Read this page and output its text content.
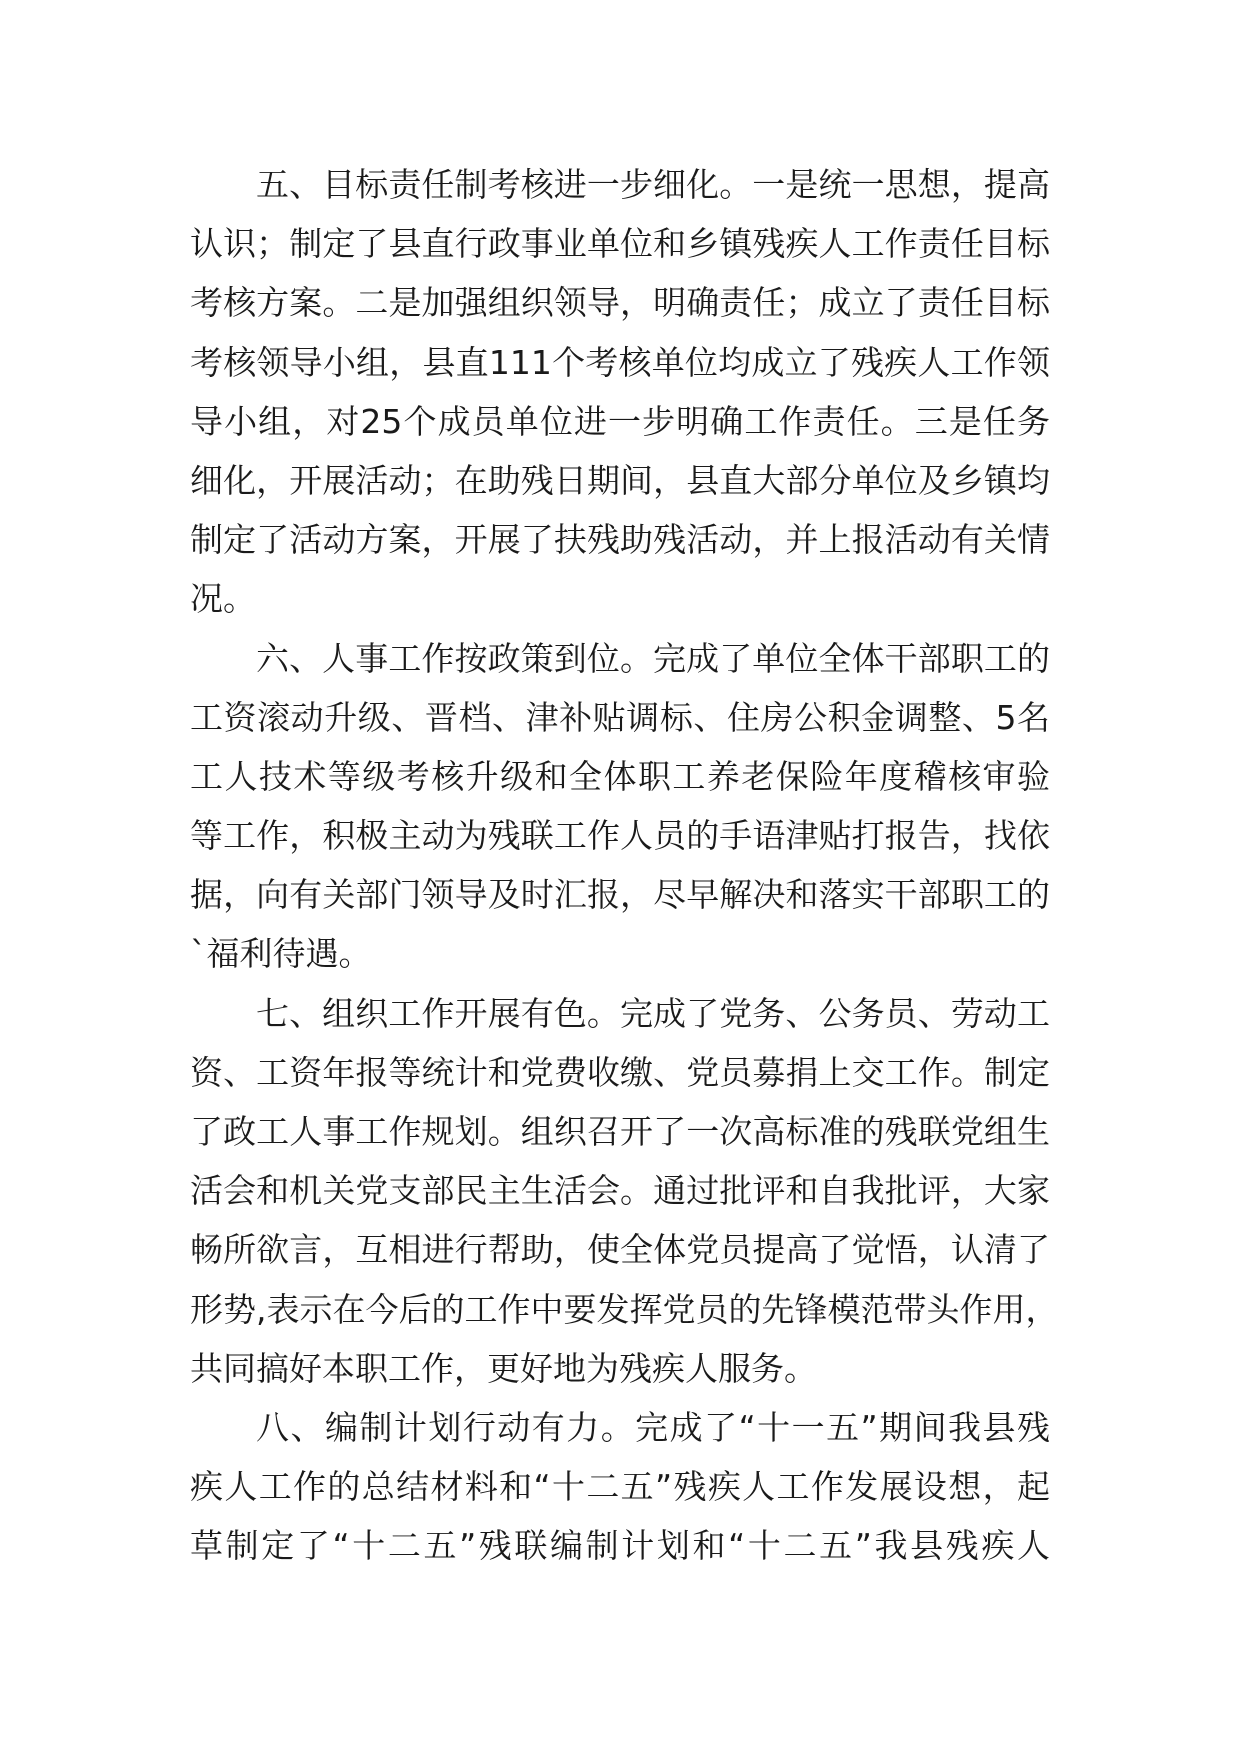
五、目标责任制考核进一步细化。一是统一思想，提高
认识；制定了县直行政事业单位和乡镇残疾人工作责任目标
考核方案。二是加强组织领导，明确责任；成立了责任目标
考核领导小组，县直111个考核单位均成立了残疾人工作领
导小组，对25个成员单位进一步明确工作责任。三是任务
细化，开展活动；在助残日期间，县直大部分单位及乡镇均
制定了活动方案，开展了扶残助残活动，并上报活动有关情
况。
六、人事工作按政策到位。完成了单位全体干部职工的
工资滚动升级、晋档、津补贴调标、住房公积金调整、5名
工人技术等级考核升级和全体职工养老保险年度稽核审验
等工作，积极主动为残联工作人员的手语津贴打报告，找依
据，向有关部门领导及时汇报，尽早解决和落实干部职工的
`福利待遇。
七、组织工作开展有色。完成了党务、公务员、劳动工
资、工资年报等统计和党费收缴、党员募捐上交工作。制定
了政工人事工作规划。组织召开了一次高标准的残联党组生
活会和机关党支部民主生活会。通过批评和自我批评，大家
畅所欲言，互相进行帮助，使全体党员提高了觉悟，认清了
形势,表示在今后的工作中要发挥党员的先锋模范带头作用，
共同搞好本职工作，更好地为残疾人服务。
八、编制计划行动有力。完成了“十一五”期间我县残
疾人工作的总结材料和“十二五”残疾人工作发展设想，起
草制定了“十二五”残联编制计划和“十二五”我县残疾人
